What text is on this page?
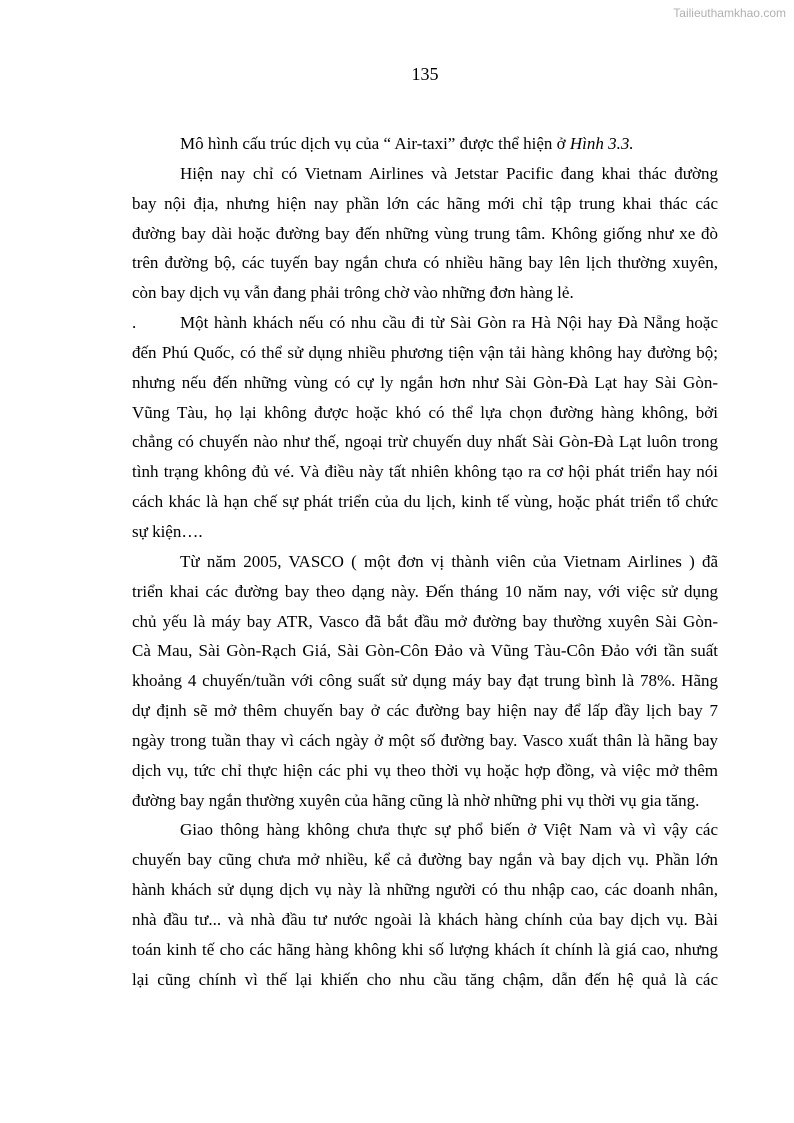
Tailieuthamkhao.com
135
Mô hình cấu trúc dịch vụ của “ Air-taxi” được thể hiện ở Hình 3.3.
Hiện nay chỉ có Vietnam Airlines và Jetstar Pacific đang khai thác đường
bay nội địa, nhưng hiện nay phần lớn các hãng mới chỉ tập trung khai thác các
đường bay dài hoặc đường bay đến những vùng trung tâm. Không giống như xe đò
trên đường bộ, các tuyến bay ngắn chưa có nhiều hãng bay lên lịch thường xuyên,
còn bay dịch vụ vẫn đang phải trông chờ vào những đơn hàng lẻ.
.	Một hành khách nếu có nhu cầu đi từ Sài Gòn ra Hà Nội hay Đà Nẵng hoặc
đến Phú Quốc, có thể sử dụng nhiều phương tiện vận tải hàng không hay đường bộ;
nhưng nếu đến những vùng có cự ly ngắn hơn như Sài Gòn-Đà Lạt hay Sài Gòn-
Vũng Tàu, họ lại không được hoặc khó có thể lựa chọn đường hàng không, bởi
chẳng có chuyến nào như thế, ngoại trừ chuyến duy nhất Sài Gòn-Đà Lạt luôn trong
tình trạng không đủ vé. Và điều này tất nhiên không tạo ra cơ hội phát triển hay nói
cách khác là hạn chế sự phát triển của du lịch, kinh tế vùng, hoặc phát triển tổ chức
sự kiện….
Từ năm 2005, VASCO ( một đơn vị thành viên của Vietnam Airlines ) đã
triển khai các đường bay theo dạng này. Đến tháng 10 năm nay, với việc sử dụng
chủ yếu là máy bay ATR, Vasco đã bắt đầu mở đường bay thường xuyên Sài Gòn-
Cà Mau, Sài Gòn-Rạch Giá, Sài Gòn-Côn Đảo và Vũng Tàu-Côn Đảo với tần suất
khoảng 4 chuyến/tuần với công suất sử dụng máy bay đạt trung bình là 78%. Hãng
dự định sẽ mở thêm chuyến bay ở các đường bay hiện nay để lấp đầy lịch bay 7
ngày trong tuần thay vì cách ngày ở một số đường bay. Vasco xuất thân là hãng bay
dịch vụ, tức chỉ thực hiện các phi vụ theo thời vụ hoặc hợp đồng, và việc mở thêm
đường bay ngắn thường xuyên của hãng cũng là nhờ những phi vụ thời vụ gia tăng.
Giao thông hàng không chưa thực sự phổ biến ở Việt Nam và vì vậy các
chuyến bay cũng chưa mở nhiều, kể cả đường bay ngắn và bay dịch vụ. Phần lớn
hành khách sử dụng dịch vụ này là những người có thu nhập cao, các doanh nhân,
nhà đầu tư... và nhà đầu tư nước ngoài là khách hàng chính của bay dịch vụ. Bài
toán kinh tế cho các hãng hàng không khi số lượng khách ít chính là giá cao, nhưng
lại cũng chính vì thế lại khiến cho nhu cầu tăng chậm, dẫn đến hệ quả là các
